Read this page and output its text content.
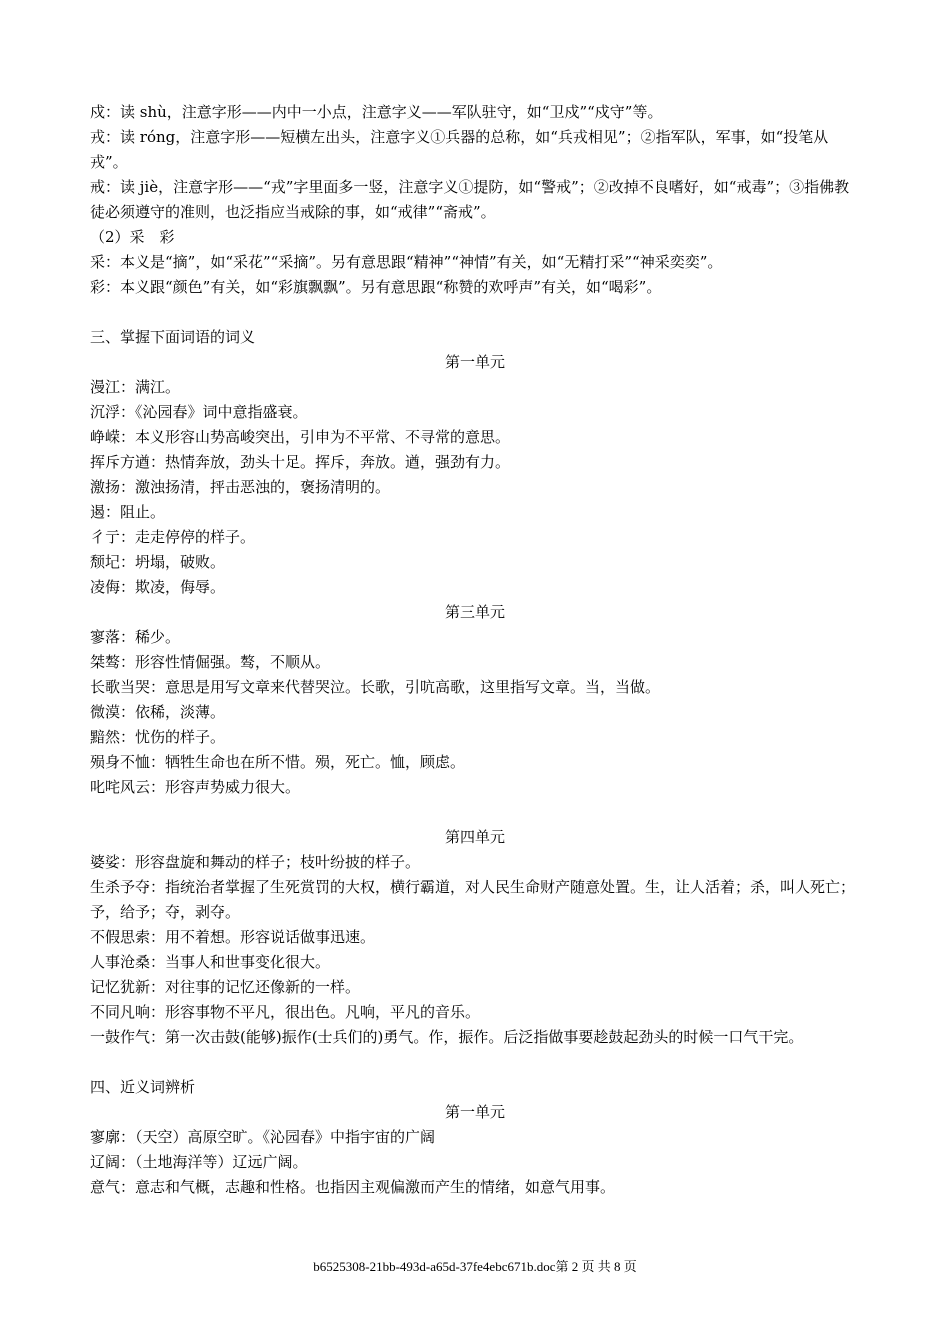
戍：读 shù，注意字形——内中一小点，注意字义——军队驻守，如“卫戍”“戍守”等。

戎：读 róng，注意字形——短横左出头，注意字义①兵器的总称，如“兵戎相见”；②指军队，军事，如“投笔从戎”。

戒：读 jiè，注意字形——“戎”字里面多一竖，注意字义①提防，如“警戒”；②改掉不良嗜好，如“戒毒”；③指佛教徒必须遵守的准则，也泛指应当戒除的事，如“戒律”“斋戒”。

（2）采　彩

采：本义是“摘”，如“采花”“采摘”。另有意思跟“精神”“神情”有关，如“无精打采”“神采奕奕”。

彩：本义跟“颜色”有关，如“彩旗飘飘”。另有意思跟“称赞的欢呼声”有关，如“喝彩”。

三、掌握下面词语的词义

第一单元

漫江：满江。

沉浮：《沁园春》词中意指盛衰。

峥嵘：本义形容山势高峻突出，引申为不平常、不寻常的意思。

挥斥方遒：热情奔放，劲头十足。挥斥，奔放。遒，强劲有力。

激扬：激浊扬清，抨击恶浊的，褒扬清明的。

遏：阻止。

彳亍：走走停停的样子。

颓圮：坍塌，破败。

凌侮：欺凌，侮辱。

第三单元

寥落：稀少。

桀骜：形容性情倔强。骜，不顺从。

长歌当哭：意思是用写文章来代替哭泣。长歌，引吭高歌，这里指写文章。当，当做。

微漠：依稀，淡薄。

黯然：忧伤的样子。

殒身不恤：牺牲生命也在所不惜。殒，死亡。恤，顾虑。

叱咤风云：形容声势威力很大。

第四单元

婆娑：形容盘旋和舞动的样子；枝叶纷披的样子。

生杀予夺：指统治者掌握了生死赏罚的大权，横行霸道，对人民生命财产随意处置。生，让人活着；杀，叫人死亡；予，给予；夺，剥夺。

不假思索：用不着想。形容说话做事迅速。

人事沧桑：当事人和世事变化很大。

记忆犹新：对往事的记忆还像新的一样。

不同凡响：形容事物不平凡，很出色。凡响，平凡的音乐。

一鼓作气：第一次击鼓(能够)振作(士兵们的)勇气。作，振作。后泛指做事要趁鼓起劲头的时候一口气干完。

四、近义词辨析

第一单元

寥廓：（天空）高原空旷。《沁园春》中指宇宙的广阔

辽阔：（土地海洋等）辽远广阔。

意气：意志和气概，志趣和性格。也指因主观偏激而产生的情绪，如意气用事。

b6525308-21bb-493d-a65d-37fe4ebc671b.doc第 2 页 共 8 页
